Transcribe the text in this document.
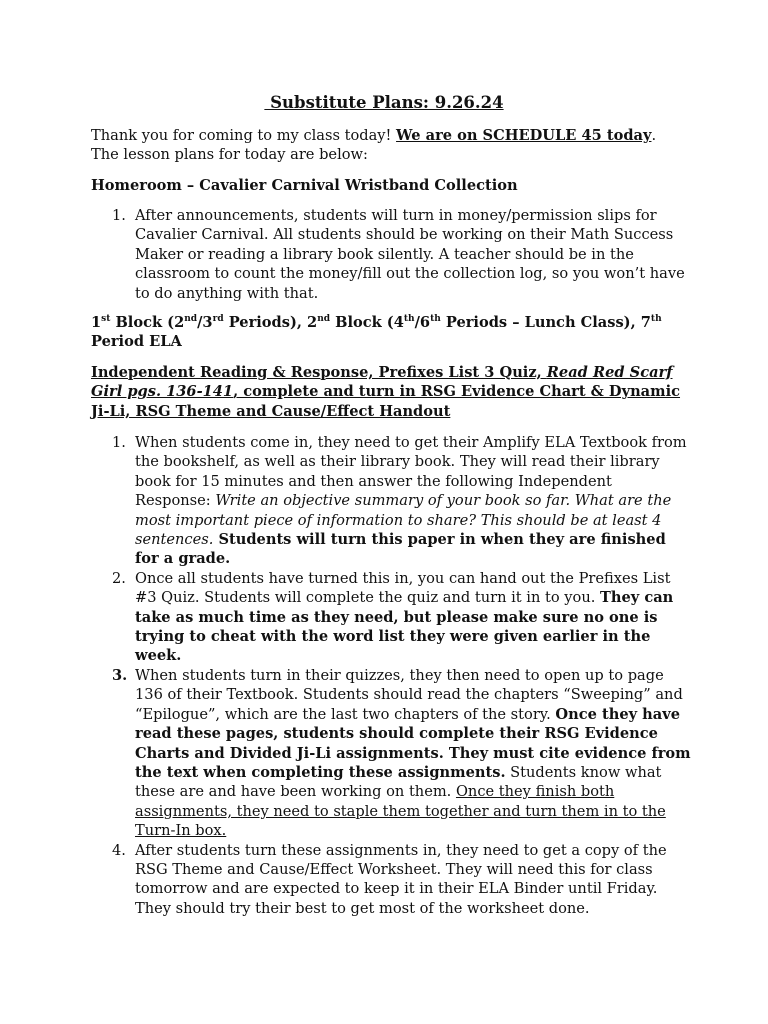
Substitute Plans: 9.26.24
Thank you for coming to my class today! We are on SCHEDULE 45 today.
The lesson plans for today are below:
Homeroom – Cavalier Carnival Wristband Collection
1. After announcements, students will turn in money/permission slips for Cavalier Carnival. All students should be working on their Math Success Maker or reading a library book silently. A teacher should be in the classroom to count the money/fill out the collection log, so you won’t have to do anything with that.
1st Block (2nd/3rd Periods), 2nd Block (4th/6th Periods – Lunch Class), 7th
Period ELA
Independent Reading & Response, Prefixes List 3 Quiz, Read Red Scarf Girl pgs. 136-141, complete and turn in RSG Evidence Chart & Dynamic Ji-Li, RSG Theme and Cause/Effect Handout
1. When students come in, they need to get their Amplify ELA Textbook from the bookshelf, as well as their library book. They will read their library book for 15 minutes and then answer the following Independent Response: Write an objective summary of your book so far. What are the most important piece of information to share? This should be at least 4 sentences. Students will turn this paper in when they are finished for a grade.
2. Once all students have turned this in, you can hand out the Prefixes List #3 Quiz. Students will complete the quiz and turn it in to you. They can take as much time as they need, but please make sure no one is trying to cheat with the word list they were given earlier in the week.
3. When students turn in their quizzes, they then need to open up to page 136 of their Textbook. Students should read the chapters “Sweeping” and “Epilogue”, which are the last two chapters of the story. Once they have read these pages, students should complete their RSG Evidence Charts and Divided Ji-Li assignments. They must cite evidence from the text when completing these assignments. Students know what these are and have been working on them. Once they finish both assignments, they need to staple them together and turn them in to the Turn-In box.
4. After students turn these assignments in, they need to get a copy of the RSG Theme and Cause/Effect Worksheet. They will need this for class tomorrow and are expected to keep it in their ELA Binder until Friday. They should try their best to get most of the worksheet done.
